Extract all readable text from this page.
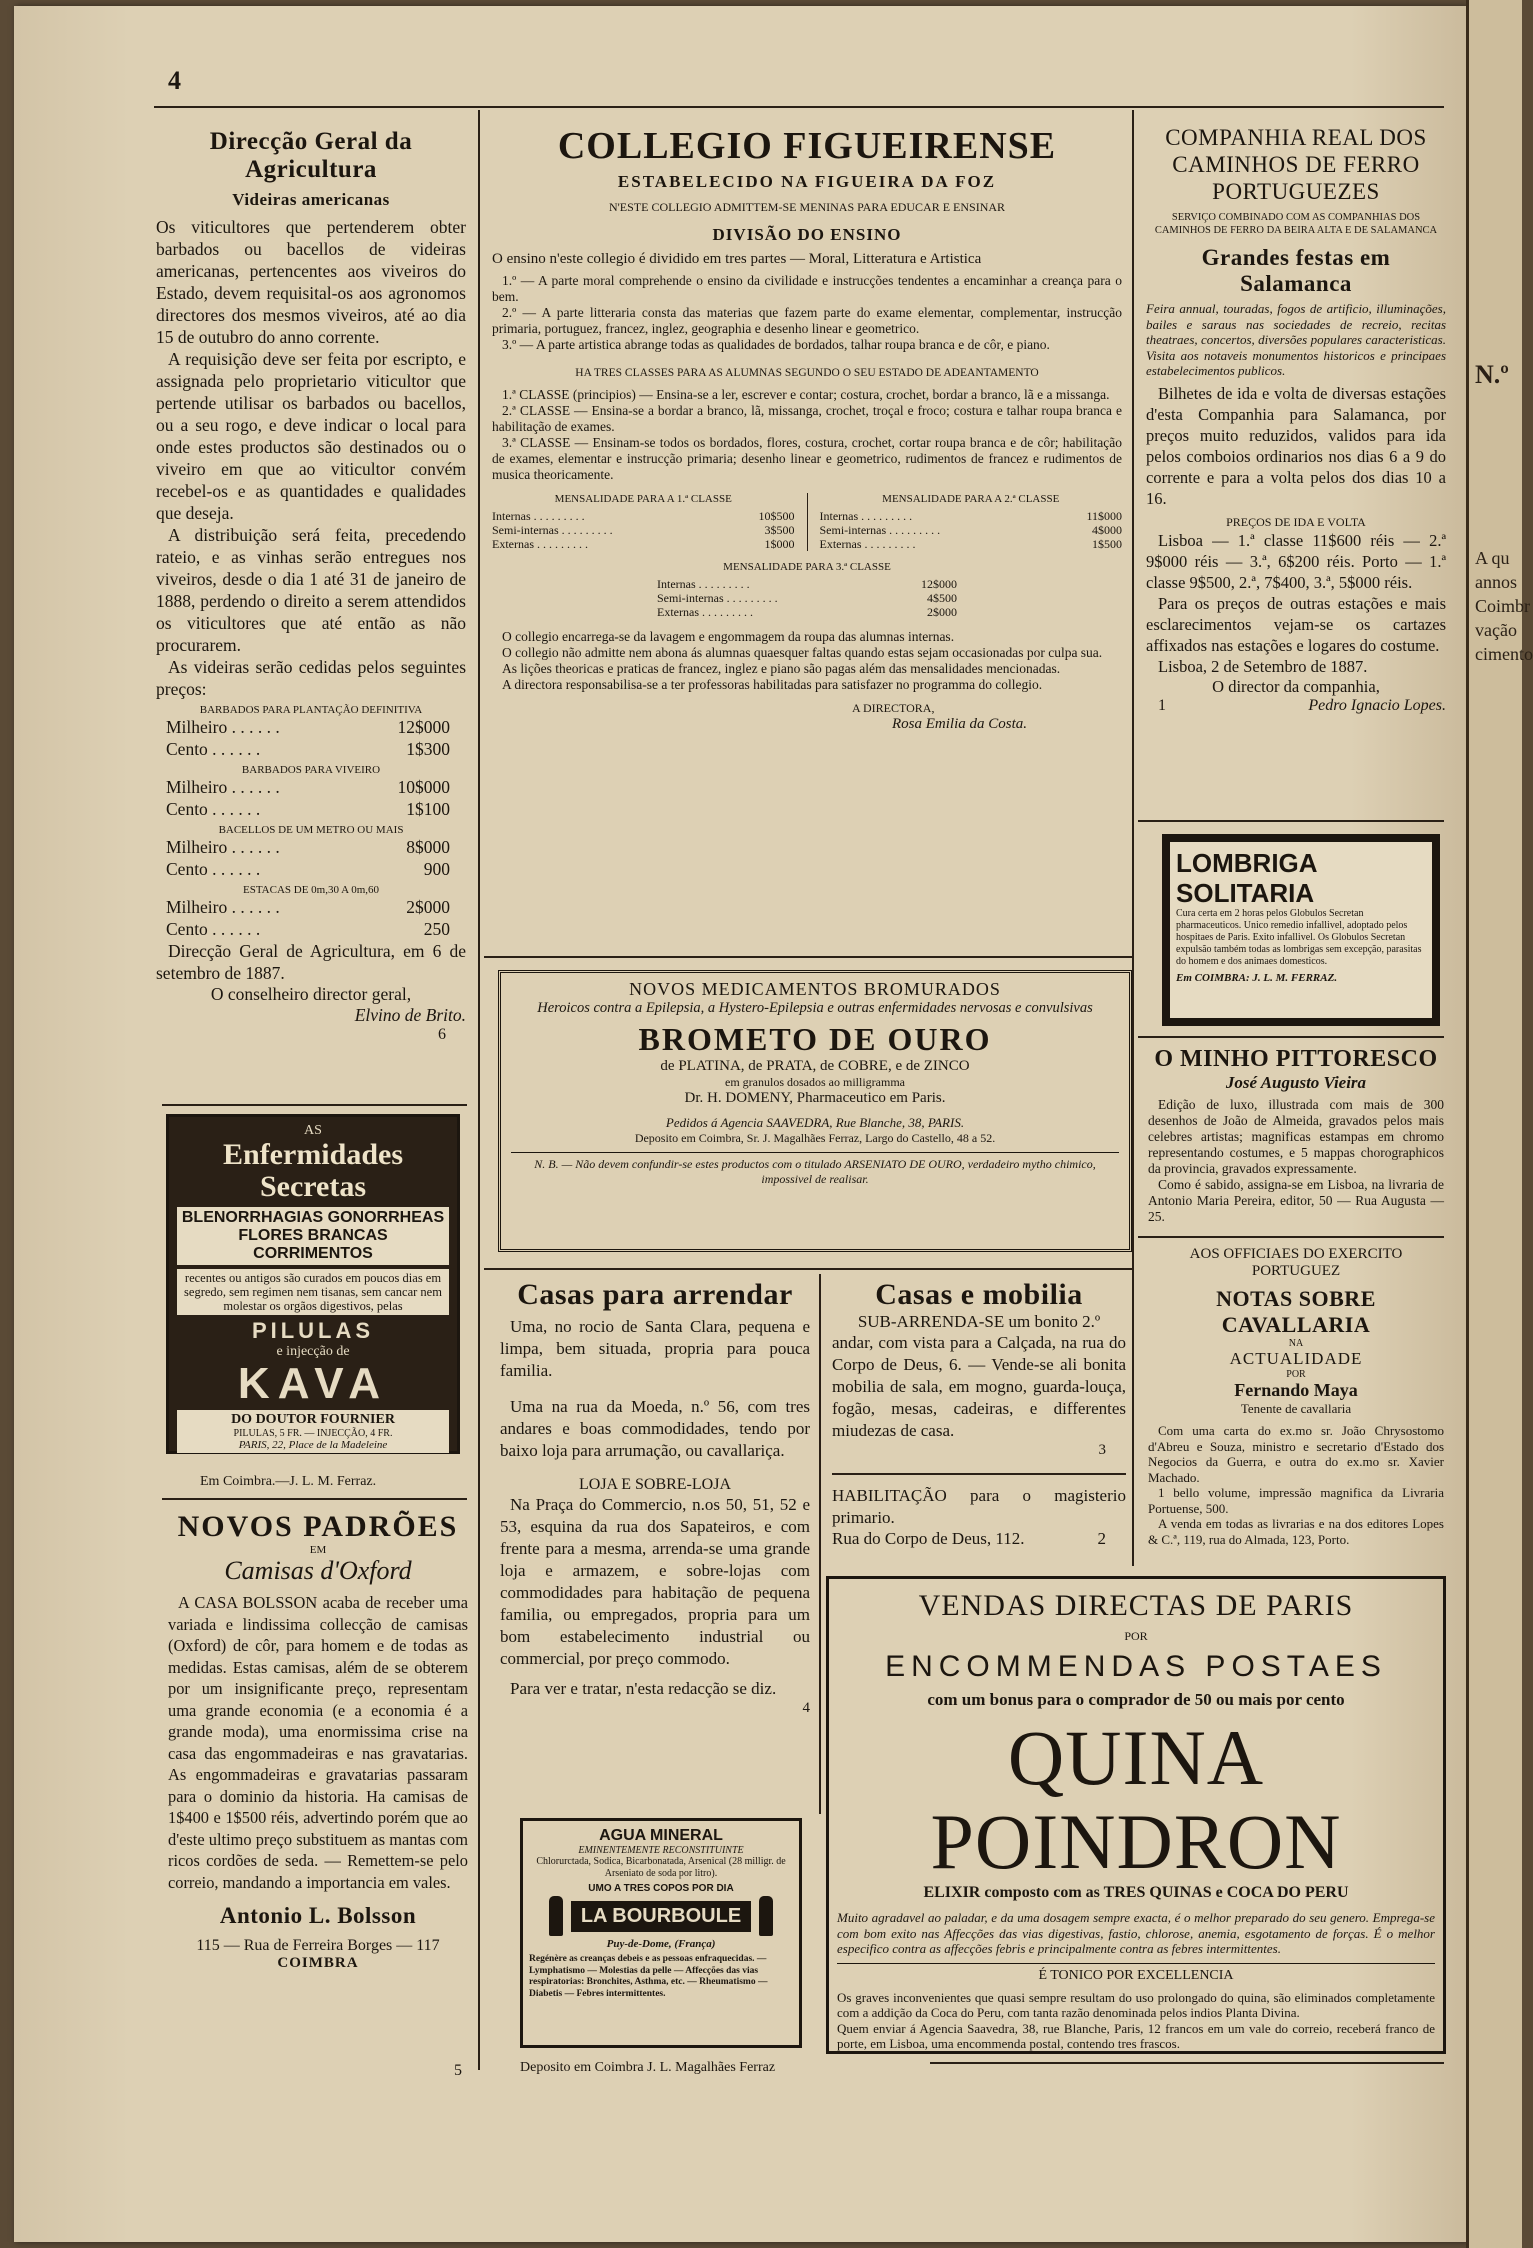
4
Direcção Geral da Agricultura
Videiras americanas

Os viticultores que pertenderem obter barbados ou bacellos de videiras americanas, pertencentes aos viveiros do Estado, devem requisital-os aos agronomos directores dos mesmos viveiros, até ao dia 15 de outubro do anno corrente.

A requisição deve ser feita por escripto, e assignada pelo proprietario viticultor que pertende utilisar os barbados ou bacellos, ou a seu rogo, e deve indicar o local para onde estes productos são destinados ou o viveiro em que ao viticultor convém recebel-os e as quantidades e qualidades que deseja.

A distribuição será feita, precedendo rateio, e as vinhas serão entregues nos viveiros, desde o dia 1 até 31 de janeiro de 1888, perdendo o direito a serem attendidos os viticultores que até então as não procurarem.

As videiras serão cedidas pelos seguintes preços:

BARBADOS PARA PLANTAÇÃO DEFINITIVA
Milheiro . . . . . .	12$000
Cento . . . . . .	1$300
BARBADOS PARA VIVEIRO
Milheiro . . . . . .	10$000
Cento . . . . . .	1$100
BACELLOS DE UM METRO OU MAIS
Milheiro . . . . . .	8$000
Cento . . . . . .	900
ESTACAS DE 0m,30 A 0m,60
Milheiro . . . . . .	2$000
Cento . . . . . .	250

Direcção Geral de Agricultura, em 6 de setembro de 1887.

O conselheiro director geral,
Elvino de Brito.
6
AS
Enfermidades Secretas
BLENORRHAGIAS GONORRHEAS FLORES BRANCAS CORRIMENTOS
recentes ou antigos são curados em poucos dias em segredo, sem regimen nem tisanas, sem cancar nem molestar os orgãos digestivos, pelas
PILULAS
e injecção de
KAVA
DO DOUTOR FOURNIER
PILULAS, 5 FR. — INJECÇÃO, 4 FR.
PARIS, 22, Place de la Madeleine
Em Coimbra.—J. L. M. Ferraz.
NOVOS PADRÕES
EM
Camisas d'Oxford

A CASA BOLSSON acaba de receber uma variada e lindissima collecção de camisas (Oxford) de côr, para homem e de todas as medidas. Estas camisas, além de se obterem por um insignificante preço, representam uma grande economia (e a economia é a grande moda), uma enormissima crise na casa das engommadeiras e nas gravatarias. As engommadeiras e gravatarias passaram para o dominio da historia. Ha camisas de 1$400 e 1$500 réis, advertindo porém que ao d'este ultimo preço substituem as mantas com ricos cordões de seda. — Remettem-se pelo correio, mandando a importancia em vales.

Antonio L. Bolsson
115 — Rua de Ferreira Borges — 117
COIMBRA
5
COLLEGIO FIGUEIRENSE
ESTABELECIDO NA FIGUEIRA DA FOZ
N'ESTE COLLEGIO ADMITTEM-SE MENINAS PARA EDUCAR E ENSINAR
DIVISÃO DO ENSINO

O ensino n'este collegio é dividido em tres partes — Moral, Litteratura e Artistica

1.º — A parte moral comprehende o ensino da civilidade e instrucções tendentes a encaminhar a creança para o bem.

2.º — A parte litteraria consta das materias que fazem parte do exame elementar, complementar, instrucção primaria, portuguez, francez, inglez, geographia e desenho linear e geometrico.

3.º — A parte artistica abrange todas as qualidades de bordados, talhar roupa branca e de côr, e piano.

HA TRES CLASSES PARA AS ALUMNAS SEGUNDO O SEU ESTADO DE ADEANTAMENTO

1.ª CLASSE (principios) — Ensina-se a ler, escrever e contar; costura, crochet, bordar a branco, lã e a missanga.

2.ª CLASSE — Ensina-se a bordar a branco, lã, missanga, crochet, troçal e froco; costura e talhar roupa branca e habilitação de exames.

3.ª CLASSE — Ensinam-se todos os bordados, flores, costura, crochet, cortar roupa branca e de côr; habilitação de exames, elementar e instrucção primaria; desenho linear e geometrico, rudimentos de francez e rudimentos de musica theoricamente.

MENSALIDADE PARA A 1.ª CLASSE
Internas . . . . . . . . .	10$500
Semi-internas . . . . . . . . .	3$500
Externas . . . . . . . . .	1$000
MENSALIDADE PARA A 2.ª CLASSE
Internas . . . . . . . . .	11$000
Semi-internas . . . . . . . . .	4$000
Externas . . . . . . . . .	1$500
MENSALIDADE PARA 3.ª CLASSE
Internas . . . . . . . . .	12$000
Semi-internas . . . . . . . . .	4$500
Externas . . . . . . . . .	2$000

O collegio encarrega-se da lavagem e engommagem da roupa das alumnas internas.

O collegio não admitte nem abona ás alumnas quaesquer faltas quando estas sejam occasionadas por culpa sua.

As lições theoricas e praticas de francez, inglez e piano são pagas além das mensalidades mencionadas.

A directora responsabilisa-se a ter professoras habilitadas para satisfazer no programma do collegio.

A DIRECTORA,
Rosa Emilia da Costa.
NOVOS MEDICAMENTOS BROMURADOS
Heroicos contra a Epilepsia, a Hystero-Epilepsia e outras enfermidades nervosas e convulsivas
BROMETO DE OURO
de PLATINA, de PRATA, de COBRE, e de ZINCO
em granulos dosados ao milligramma
Dr. H. DOMENY, Pharmaceutico em Paris.
Pedidos á Agencia SAAVEDRA, Rue Blanche, 38, PARIS.
Deposito em Coimbra, Sr. J. Magalhães Ferraz, Largo do Castello, 48 a 52.
N. B. — Não devem confundir-se estes productos com o titulado ARSENIATO DE OURO, verdadeiro mytho chimico, impossivel de realisar.
Casas para arrendar

Uma, no rocio de Santa Clara, pequena e limpa, bem situada, propria para pouca familia.

Uma na rua da Moeda, n.º 56, com tres andares e boas commodidades, tendo por baixo loja para arrumação, ou cavallariça.

LOJA E SOBRE-LOJA

Na Praça do Commercio, n.os 50, 51, 52 e 53, esquina da rua dos Sapateiros, e com frente para a mesma, arrenda-se uma grande loja e armazem, e sobre-lojas com commodidades para habitação de pequena familia, ou empregados, propria para um bom estabelecimento industrial ou commercial, por preço commodo.

Para ver e tratar, n'esta redacção se diz.

4
Casas e mobilia
SUB-ARRENDA-SE um bonito 2.º

andar, com vista para a Calçada, na rua do Corpo de Deus, 6. — Vende-se ali bonita mobilia de sala, em mogno, guarda-louça, fogão, mesas, cadeiras, e differentes miudezas de casa.

3

HABILITAÇÃO para o magisterio primario.

Rua do Corpo de Deus, 112.	2
AGUA MINERAL
EMINENTEMENTE RECONSTITUINTE
Chlorurctada, Sodica, Bicarbonatada, Arsenical (28 milligr. de Arseniato de soda por litro).
UMO A TRES COPOS POR DIA
LA BOURBOULE
Puy-de-Dome, (França)
Regénère as creanças debeis e as pessoas enfraquecidas. — Lymphatismo — Molestias da pelle — Affecções das vias respiratorias: Bronchites, Asthma, etc. — Rheumatismo — Diabetis — Febres intermittentes.
Deposito em Coimbra J. L. Magalhães Ferraz
COMPANHIA REAL DOS CAMINHOS DE FERRO PORTUGUEZES
SERVIÇO COMBINADO COM AS COMPANHIAS DOS CAMINHOS DE FERRO DA BEIRA ALTA E DE SALAMANCA
Grandes festas em Salamanca

Feira annual, touradas, fogos de artificio, illuminações, bailes e saraus nas sociedades de recreio, recitas theatraes, concertos, diversões populares caracteristicas. Visita aos notaveis monumentos historicos e principaes estabelecimentos publicos.

Bilhetes de ida e volta de diversas estações d'esta Companhia para Salamanca, por preços muito reduzidos, validos para ida pelos comboios ordinarios nos dias 6 a 9 do corrente e para a volta pelos dos dias 10 a 16.

PREÇOS DE IDA E VOLTA

Lisboa — 1.ª classe 11$600 réis — 2.ª 9$000 réis — 3.ª, 6$200 réis. Porto — 1.ª classe 9$500, 2.ª, 7$400, 3.ª, 5$000 réis.

Para os preços de outras estações e mais esclarecimentos vejam-se os cartazes affixados nas estações e logares do costume.

Lisboa, 2 de Setembro de 1887.

O director da companhia,
1	Pedro Ignacio Lopes.
LOMBRIGA SOLITARIA
Cura certa em 2 horas pelos Globulos Secretan pharmaceuticos. Unico remedio infallivel, adoptado pelos hospitaes de Paris. Exito infallivel. Os Globulos Secretan expulsão também todas as lombrigas sem excepção, parasitas do homem e dos animaes domesticos.
Em COIMBRA: J. L. M. FERRAZ.
O MINHO PITTORESCO
José Augusto Vieira

Edição de luxo, illustrada com mais de 300 desenhos de João de Almeida, gravados pelos mais celebres artistas; magnificas estampas em chromo representando costumes, e 5 mappas chorographicos da provincia, gravados expressamente.

Como é sabido, assigna-se em Lisboa, na livraria de Antonio Maria Pereira, editor, 50 — Rua Augusta — 25.

AOS OFFICIAES DO EXERCITO PORTUGUEZ
NOTAS SOBRE CAVALLARIA
NA
ACTUALIDADE
POR
Fernando Maya
Tenente de cavallaria

Com uma carta do ex.mo sr. João Chrysostomo d'Abreu e Souza, ministro e secretario d'Estado dos Negocios da Guerra, e outra do ex.mo sr. Xavier Machado.

1 bello volume, impressão magnifica da Livraria Portuense, 500.

A venda em todas as livrarias e na dos editores Lopes & C.ª, 119, rua do Almada, 123, Porto.

VENDAS DIRECTAS DE PARIS
POR
ENCOMMENDAS POSTAES
com um bonus para o comprador de 50 ou mais por cento
QUINA POINDRON
ELIXIR composto com as TRES QUINAS e COCA DO PERU

Muito agradavel ao paladar, e da uma dosagem sempre exacta, é o melhor preparado do seu genero. Emprega-se com bom exito nas Affecções das vias digestivas, fastio, chlorose, anemia, esgotamento de forças. É o melhor especifico contra as affecções febris e principalmente contra as febres intermittentes.

É TONICO POR EXCELLENCIA

Os graves inconvenientes que quasi sempre resultam do uso prolongado do quina, são eliminados completamente com a addição da Coca do Peru, com tanta razão denominada pelos indios Planta Divina.

Quem enviar á Agencia Saavedra, 38, rue Blanche, Paris, 12 francos em um vale do correio, receberá franco de porte, em Lisboa, uma encommenda postal, contendo tres frascos.

N.º
A qu
annos
Coimbr
vação
cimento
